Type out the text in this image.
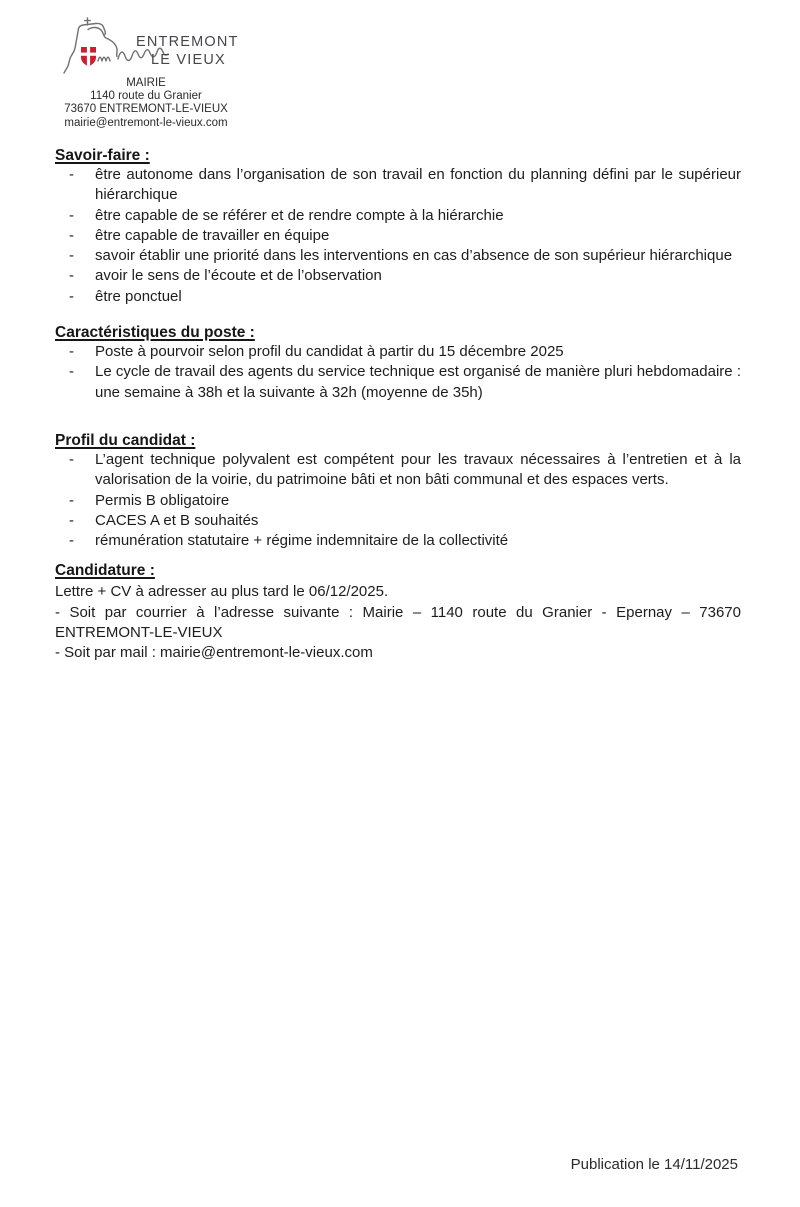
ENTREMONT
LE VIEUX
MAIRIE
1140 route du Granier
73670 ENTREMONT-LE-VIEUX
mairie@entremont-le-vieux.com
Savoir-faire :
- être autonome dans l’organisation de son travail en fonction du planning défini par le supérieur hiérarchique
- être capable de se référer et de rendre compte à la hiérarchie
- être capable de travailler en équipe
- savoir établir une priorité dans les interventions en cas d’absence de son supérieur hiérarchique
- avoir le sens de l’écoute et de l’observation
- être ponctuel
Caractéristiques du poste :
- Poste à pourvoir selon profil du candidat à partir du 15 décembre 2025
- Le cycle de travail des agents du service technique est organisé de manière pluri hebdomadaire : une semaine à 38h et la suivante à 32h (moyenne de 35h)
Profil du candidat :
- L’agent technique polyvalent est compétent pour les travaux nécessaires à l’entretien et à la valorisation de la voirie, du patrimoine bâti et non bâti communal et des espaces verts.
- Permis B obligatoire
- CACES A et B souhaités
- rémunération statutaire + régime indemnitaire de la collectivité
Candidature :

Lettre + CV à adresser au plus tard le 06/12/2025.

- Soit par courrier à l’adresse suivante : Mairie – 1140 route du Granier - Epernay – 73670 ENTREMONT-LE-VIEUX

- Soit par mail : mairie@entremont-le-vieux.com

Publication le 14/11/2025
